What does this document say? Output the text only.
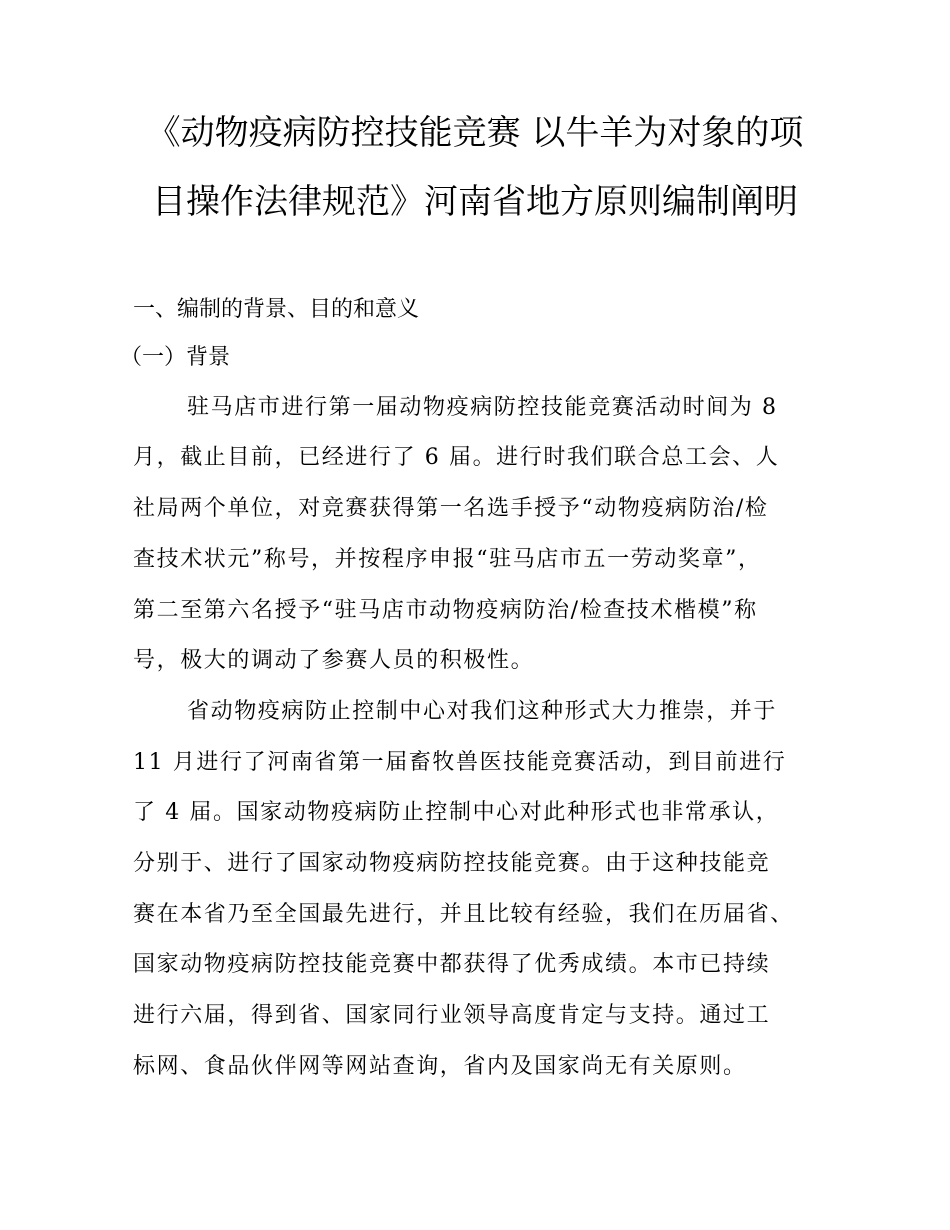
《动物疫病防控技能竞赛 以牛羊为对象的项
目操作法律规范》河南省地方原则编制阐明
一、编制的背景、目的和意义
（一）背景
驻马店市进行第一届动物疫病防控技能竞赛活动时间为 8
月，截止目前，已经进行了 6 届。进行时我们联合总工会、人
社局两个单位，对竞赛获得第一名选手授予“动物疫病防治/检
查技术状元”称号，并按程序申报“驻马店市五一劳动奖章”，
第二至第六名授予“驻马店市动物疫病防治/检查技术楷模”称
号，极大的调动了参赛人员的积极性。
省动物疫病防止控制中心对我们这种形式大力推崇，并于
11 月进行了河南省第一届畜牧兽医技能竞赛活动，到目前进行
了 4 届。国家动物疫病防止控制中心对此种形式也非常承认，
分别于、进行了国家动物疫病防控技能竞赛。由于这种技能竞
赛在本省乃至全国最先进行，并且比较有经验，我们在历届省、
国家动物疫病防控技能竞赛中都获得了优秀成绩。本市已持续
进行六届，得到省、国家同行业领导高度肯定与支持。通过工
标网、食品伙伴网等网站查询，省内及国家尚无有关原则。
